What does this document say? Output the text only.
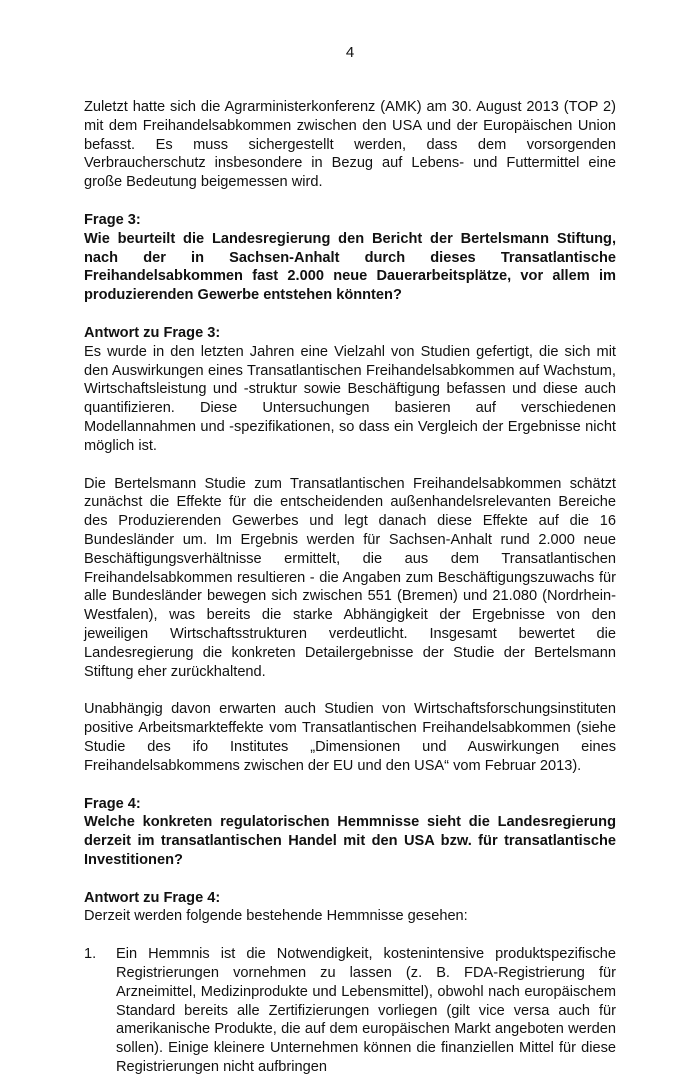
4

Zuletzt hatte sich die Agrarministerkonferenz (AMK) am 30. August 2013 (TOP 2) mit dem Freihandelsabkommen zwischen den USA und der Europäischen Union befasst. Es muss sichergestellt werden, dass dem vorsorgenden Verbraucherschutz insbesondere in Bezug auf Lebens- und Futtermittel eine große Bedeutung beigemessen wird.

Frage 3:

Wie beurteilt die Landesregierung den Bericht der Bertelsmann Stiftung, nach der in Sachsen-Anhalt durch dieses Transatlantische Freihandelsabkommen fast 2.000 neue Dauerarbeitsplätze, vor allem im produzierenden Gewerbe entstehen könnten?

Antwort zu Frage 3:

Es wurde in den letzten Jahren eine Vielzahl von Studien gefertigt, die sich mit den Auswirkungen eines Transatlantischen Freihandelsabkommen auf Wachstum, Wirtschaftsleistung und -struktur sowie Beschäftigung befassen und diese auch quantifizieren. Diese Untersuchungen basieren auf verschiedenen Modellannahmen und -spezifikationen, so dass ein Vergleich der Ergebnisse nicht möglich ist.

Die Bertelsmann Studie zum Transatlantischen Freihandelsabkommen schätzt zunächst die Effekte für die entscheidenden außenhandelsrelevanten Bereiche des Produzierenden Gewerbes und legt danach diese Effekte auf die 16 Bundesländer um. Im Ergebnis werden für Sachsen-Anhalt rund 2.000 neue Beschäftigungsverhältnisse ermittelt, die aus dem Transatlantischen Freihandelsabkommen resultieren - die Angaben zum Beschäftigungszuwachs für alle Bundesländer bewegen sich zwischen 551 (Bremen) und 21.080 (Nordrhein-Westfalen), was bereits die starke Abhängigkeit der Ergebnisse von den jeweiligen Wirtschaftsstrukturen verdeutlicht. Insgesamt bewertet die Landesregierung die konkreten Detailergebnisse der Studie der Bertelsmann Stiftung eher zurückhaltend.

Unabhängig davon erwarten auch Studien von Wirtschaftsforschungsinstituten positive Arbeitsmarkteffekte vom Transatlantischen Freihandelsabkommen (siehe Studie des ifo Institutes „Dimensionen und Auswirkungen eines Freihandelsabkommens zwischen der EU und den USA“ vom Februar 2013).

Frage 4:

Welche konkreten regulatorischen Hemmnisse sieht die Landesregierung derzeit im transatlantischen Handel mit den USA bzw. für transatlantische Investitionen?

Antwort zu Frage 4:

Derzeit werden folgende bestehende Hemmnisse gesehen:

1.	Ein Hemmnis ist die Notwendigkeit, kostenintensive produktspezifische Registrierungen vornehmen zu lassen (z. B. FDA-Registrierung für Arzneimittel, Medizinprodukte und Lebensmittel), obwohl nach europäischem Standard bereits alle Zertifizierungen vorliegen (gilt vice versa auch für amerikanische Produkte, die auf dem europäischen Markt angeboten werden sollen). Einige kleinere Unternehmen können die finanziellen Mittel für diese Registrierungen nicht aufbringen
